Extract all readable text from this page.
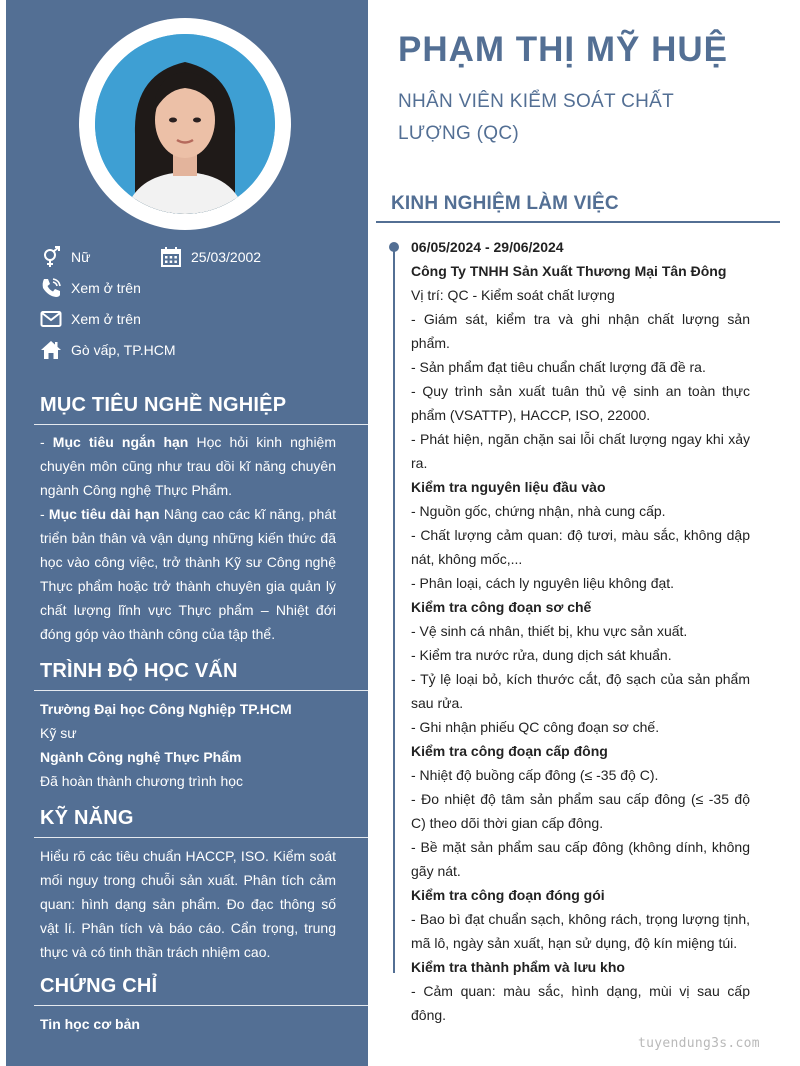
Nữ	25/03/2002
Xem ở trên
Xem ở trên
Gò vấp, TP.HCM
MỤC TIÊU NGHỀ NGHIỆP
- Mục tiêu ngắn hạn Học hỏi kinh nghiệm chuyên môn cũng như trau dồi kĩ năng chuyên ngành Công nghệ Thực Phẩm.
- Mục tiêu dài hạn Nâng cao các kĩ năng, phát triển bản thân và vận dụng những kiến thức đã học vào công việc, trở thành Kỹ sư Công nghệ Thực phẩm hoặc trở thành chuyên gia quản lý chất lượng lĩnh vực Thực phẩm – Nhiệt đới đóng góp vào thành công của tập thể.
TRÌNH ĐỘ HỌC VẤN
Trường Đại học Công Nghiệp TP.HCM
Kỹ sư
Ngành Công nghệ Thực Phẩm
Đã hoàn thành chương trình học
KỸ NĂNG
Hiểu rõ các tiêu chuẩn HACCP, ISO. Kiểm soát mối nguy trong chuỗi sản xuất. Phân tích cảm quan: hình dạng sản phẩm. Đo đạc thông số vật lí. Phân tích và báo cáo. Cẩn trọng, trung thực và có tinh thần trách nhiệm cao.
CHỨNG CHỈ
Tin học cơ bản
PHẠM THỊ MỸ HUỆ
NHÂN VIÊN KIỂM SOÁT CHẤT LƯỢNG (QC)
KINH NGHIỆM LÀM VIỆC
06/05/2024 - 29/06/2024
Công Ty TNHH Sản Xuất Thương Mại Tân Đông
Vị trí: QC - Kiểm soát chất lượng
- Giám sát, kiểm tra và ghi nhận chất lượng sản phẩm.
- Sản phẩm đạt tiêu chuẩn chất lượng đã đề ra.
- Quy trình sản xuất tuân thủ vệ sinh an toàn thực phẩm (VSATTP), HACCP, ISO, 22000.
- Phát hiện, ngăn chặn sai lỗi chất lượng ngay khi xảy ra.
Kiểm tra nguyên liệu đầu vào
- Nguồn gốc, chứng nhận, nhà cung cấp.
- Chất lượng cảm quan: độ tươi, màu sắc, không dập nát, không mốc,...
- Phân loại, cách ly nguyên liệu không đạt.
Kiểm tra công đoạn sơ chế
- Vệ sinh cá nhân, thiết bị, khu vực sản xuất.
- Kiểm tra nước rửa, dung dịch sát khuẩn.
- Tỷ lệ loại bỏ, kích thước cắt, độ sạch của sản phẩm sau rửa.
- Ghi nhận phiếu QC công đoạn sơ chế.
Kiểm tra công đoạn cấp đông
- Nhiệt độ buồng cấp đông (≤ -35 độ C).
- Đo nhiệt độ tâm sản phẩm sau cấp đông (≤ -35 độ C) theo dõi thời gian cấp đông.
- Bề mặt sản phẩm sau cấp đông (không dính, không gãy nát.
Kiểm tra công đoạn đóng gói
- Bao bì đạt chuẩn sạch, không rách, trọng lượng tịnh, mã lô, ngày sản xuất, hạn sử dụng, độ kín miệng túi.
Kiểm tra thành phẩm và lưu kho
- Cảm quan: màu sắc, hình dạng, mùi vị sau cấp đông.
tuyendung3s.com
